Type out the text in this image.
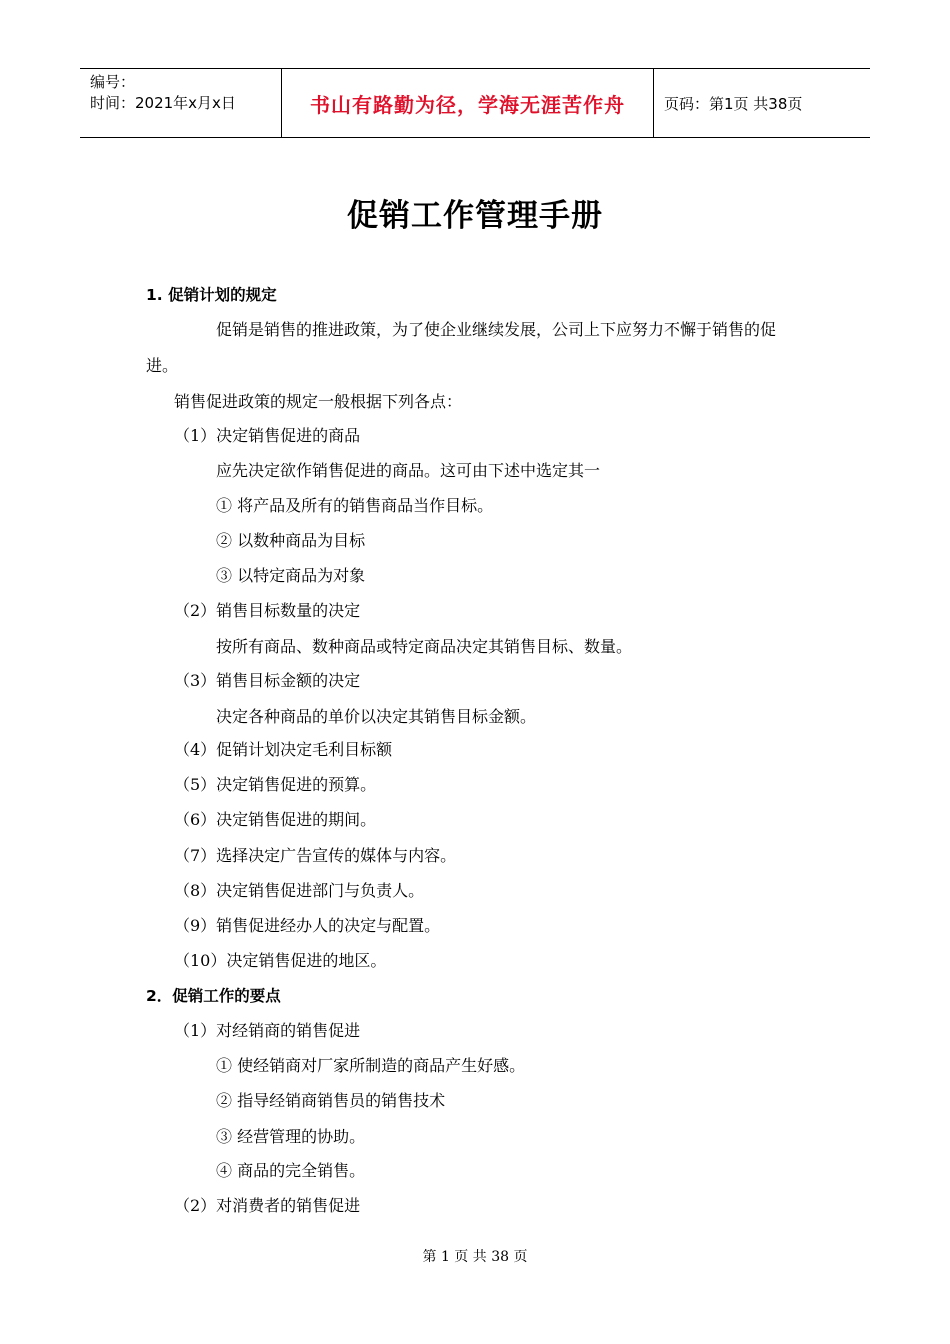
编号：
时间：2021年x月x日	书山有路勤为径，学海无涯苦作舟	页码：第1页 共38页
促销工作管理手册
1. 促销计划的规定
促销是销售的推进政策，为了使企业继续发展，公司上下应努力不懈于销售的促
进。
销售促进政策的规定一般根据下列各点：
（1）决定销售促进的商品
应先决定欲作销售促进的商品。这可由下述中选定其一
① 将产品及所有的销售商品当作目标。
② 以数种商品为目标
③ 以特定商品为对象
（2）销售目标数量的决定
按所有商品、数种商品或特定商品决定其销售目标、数量。
（3）销售目标金额的决定
决定各种商品的单价以决定其销售目标金额。
（4）促销计划决定毛利目标额
（5）决定销售促进的预算。
（6）决定销售促进的期间。
（7）选择决定广告宣传的媒体与内容。
（8）决定销售促进部门与负责人。
（9）销售促进经办人的决定与配置。
（10）决定销售促进的地区。
2．促销工作的要点
（1）对经销商的销售促进
① 使经销商对厂家所制造的商品产生好感。
② 指导经销商销售员的销售技术
③ 经营管理的协助。
④ 商品的完全销售。
（2）对消费者的销售促进
第 1 页 共 38 页
